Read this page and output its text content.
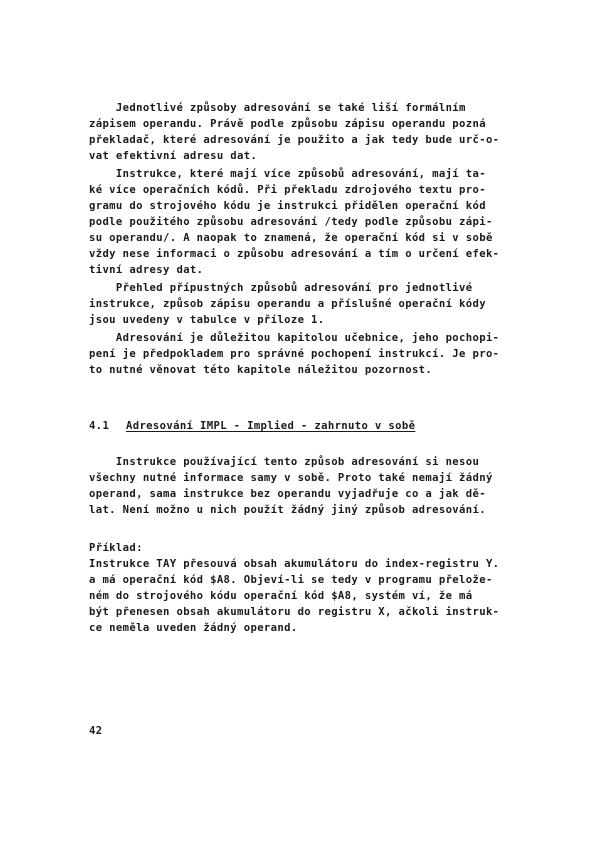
Jednotlivé způsoby adresování se také liší formálním
zápisem operandu. Právě podle způsobu zápisu operandu pozná
překladač, které adresování je použito a jak tedy bude urč-o-
vat efektivní adresu dat.
Instrukce, které mají více způsobů adresování, mají ta-
ké více operačních kódů. Při překladu zdrojového textu pro-
gramu do strojového kódu je instrukci přidělen operační kód
podle použitého způsobu adresování /tedy podle způsobu zápi-
su operandu/. A naopak to znamená, že operační kód si v sobě
vždy nese informaci o způsobu adresování a tím o určení efek-
tivní adresy dat.
Přehled přípustných způsobů adresování pro jednotlivé
instrukce, způsob zápisu operandu a příslušné operační kódy
jsou uvedeny v tabulce v příloze 1.
Adresování je důležitou kapitolou učebnice, jeho pochopi-
pení je předpokladem pro správné pochopení instrukcí. Je pro-
to nutné věnovat této kapitole náležitou pozornost.
4.1 Adresování IMPL - Implied - zahrnuto v sobě
Instrukce používající tento způsob adresování si nesou
všechny nutné informace samy v sobě. Proto také nemají žádný
operand, sama instrukce bez operandu vyjadřuje co a jak dě-
lat. Není možno u nich použít žádný jiný způsob adresování.
Příklad:
Instrukce TAY přesouvá obsah akumulátoru do index-registru Y.
a má operační kód $A8. Objeví-li se tedy v programu přelože-
ném do strojového kódu operační kód $A8, systém ví, že má
být přenesen obsah akumulátoru do registru X, ačkoli instruk-
ce neměla uveden žádný operand.
42
